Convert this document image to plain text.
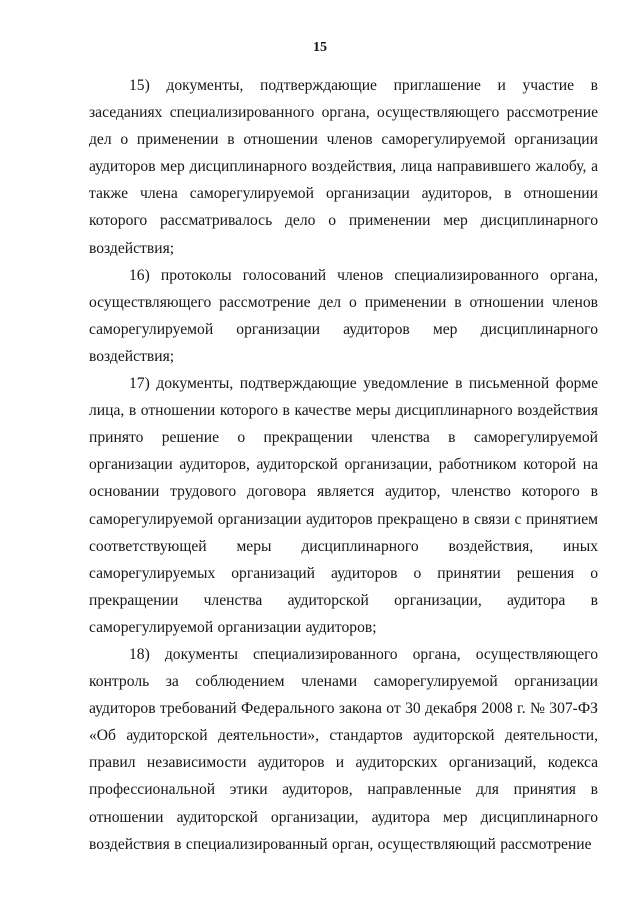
15

15) документы, подтверждающие приглашение и участие в заседаниях специализированного органа, осуществляющего рассмотрение дел о применении в отношении членов саморегулируемой организации аудиторов мер дисциплинарного воздействия, лица направившего жалобу, а также члена саморегулируемой организации аудиторов, в отношении которого рассматривалось дело о применении мер дисциплинарного воздействия;

16) протоколы голосований членов специализированного органа, осуществляющего рассмотрение дел о применении в отношении членов саморегулируемой организации аудиторов мер дисциплинарного воздействия;

17) документы, подтверждающие уведомление в письменной форме лица, в отношении которого в качестве меры дисциплинарного воздействия принято решение о прекращении членства в саморегулируемой организации аудиторов, аудиторской организации, работником которой на основании трудового договора является аудитор, членство которого в саморегулируемой организации аудиторов прекращено в связи с принятием соответствующей меры дисциплинарного воздействия, иных саморегулируемых организаций аудиторов о принятии решения о прекращении членства аудиторской организации, аудитора в саморегулируемой организации аудиторов;

18) документы специализированного органа, осуществляющего контроль за соблюдением членами саморегулируемой организации аудиторов требований Федерального закона от 30 декабря 2008 г. № 307-ФЗ «Об аудиторской деятельности», стандартов аудиторской деятельности, правил независимости аудиторов и аудиторских организаций, кодекса профессиональной этики аудиторов, направленные для принятия в отношении аудиторской организации, аудитора мер дисциплинарного воздействия в специализированный орган, осуществляющий рассмотрение
